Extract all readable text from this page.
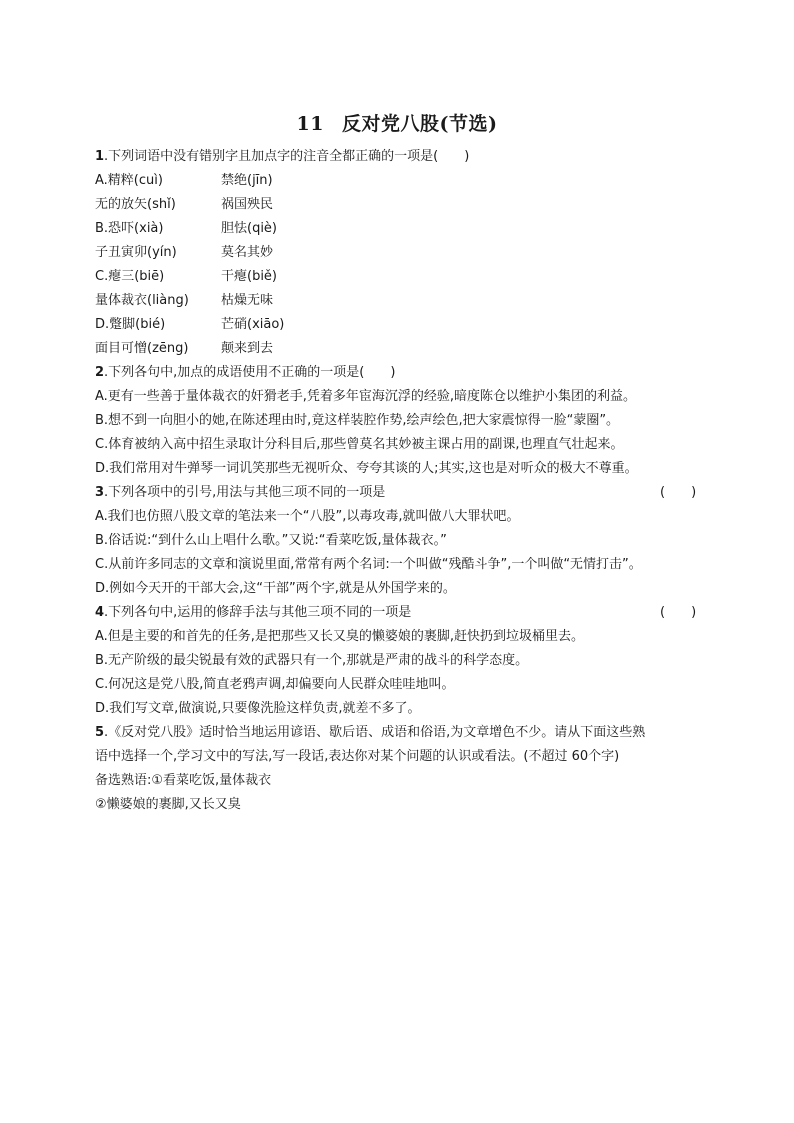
11 反对党八股(节选)
1.下列词语中没有错别字且加点字的注音全都正确的一项是(　　)
A.精粹(cuì)	禁绝(jīn)
无的放矢(shǐ)	祸国殃民
B.恐吓(xià)	胆怯(qiè)
子丑寅卯(yín)	莫名其妙
C.瘪三(biē)	干瘪(biě)
量体裁衣(liàng) 枯燥无味
D.蹩脚(bié)	芒硝(xiāo)
面目可憎(zēng)	颠来到去
2.下列各句中,加点的成语使用不正确的一项是(　　)
A.更有一些善于量体裁衣的奸猾老手,凭着多年宦海沉浮的经验,暗度陈仓以维护小集团的利益。
B.想不到一向胆小的她,在陈述理由时,竟这样装腔作势,绘声绘色,把大家震惊得一脸“蒙圈”。
C.体育被纳入高中招生录取计分科目后,那些曾莫名其妙被主课占用的副课,也理直气壮起来。
D.我们常用对牛弹琴一词讥笑那些无视听众、夸夸其谈的人;其实,这也是对听众的极大不尊重。
3.下列各项中的引号,用法与其他三项不同的一项是	(　　)
A.我们也仿照八股文章的笔法来一个“八股”,以毒攻毒,就叫做八大罪状吧。
B.俗话说:“到什么山上唱什么歌。”又说:“看菜吃饭,量体裁衣。”
C.从前许多同志的文章和演说里面,常常有两个名词:一个叫做“残酷斗争”,一个叫做“无情打击”。
D.例如今天开的干部大会,这“干部”两个字,就是从外国学来的。
4.下列各句中,运用的修辞手法与其他三项不同的一项是	(　　)
A.但是主要的和首先的任务,是把那些又长又臭的懒婆娘的裹脚,赶快扔到垃圾桶里去。
B.无产阶级的最尖锐最有效的武器只有一个,那就是严肃的战斗的科学态度。
C.何况这是党八股,简直老鸦声调,却偏要向人民群众哇哇地叫。
D.我们写文章,做演说,只要像洗脸这样负责,就差不多了。
5.《反对党八股》适时恰当地运用谚语、歇后语、成语和俗语,为文章增色不少。请从下面这些熟
语中选择一个,学习文中的写法,写一段话,表达你对某个问题的认识或看法。(不超过 60个字)
备选熟语:①看菜吃饭,量体裁衣
②懒婆娘的裹脚,又长又臭
